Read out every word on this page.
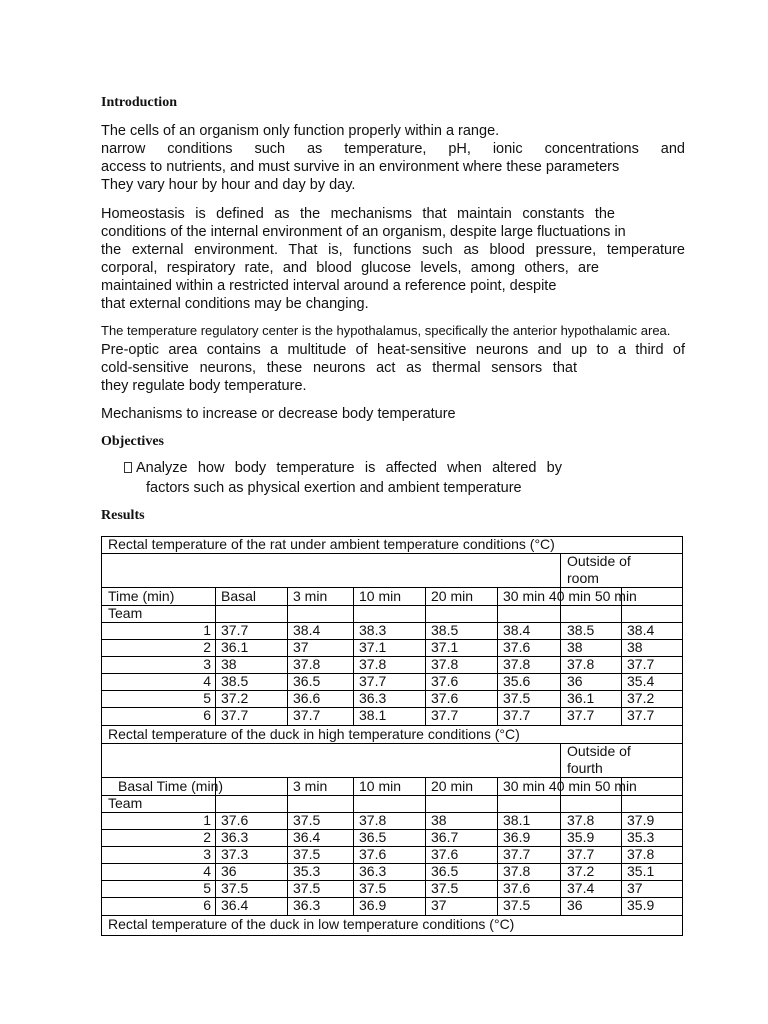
Introduction
The cells of an organism only function properly within a range.
narrow conditions such as temperature, pH, ionic concentrations and
access to nutrients, and must survive in an environment where these parameters
They vary hour by hour and day by day.
Homeostasis is defined as the mechanisms that maintain constants the
conditions of the internal environment of an organism, despite large fluctuations in
the external environment. That is, functions such as blood pressure, temperature
corporal, respiratory rate, and blood glucose levels, among others, are
maintained within a restricted interval around a reference point, despite
that external conditions may be changing.
The temperature regulatory center is the hypothalamus, specifically the anterior hypothalamic area.
Pre-optic area contains a multitude of heat-sensitive neurons and up to a third of
cold-sensitive neurons, these neurons act as thermal sensors that
they regulate body temperature.
Mechanisms to increase or decrease body temperature
Objectives
Analyze how body temperature is affected when altered by
factors such as physical exertion and ambient temperature
Results
Rectal temperature of the rat under ambient temperature conditions (°C)
Outside of
room
Time (min)	Basal	3 min 10 min 20 min 30 min 40 min 50 min
Team
1 37.7	38.4	38.3	38.5	38.4	38.5 38.4
2 36.1	37	37.1	37.1	37.6	38	38
3 38	37.8	37.8	37.8	37.8	37.8 37.7
4 38.5	36.5	37.7	37.6	35.6	36	35.4
5 37.2	36.6	36.3	37.6	37.5	36.1 37.2
6 37.7	37.7	38.1	37.7	37.7	37.7 37.7
Rectal temperature of the duck in high temperature conditions (°C)
Outside of
fourth
Basal Time (min)	3 min 10 min 20 min 30 min 40 min 50 min
Team
1 37.6	37.5	37.8	38	38.1	37.8 37.9
2 36.3	36.4	36.5	36.7	36.9	35.9 35.3
3 37.3	37.5	37.6	37.6	37.7	37.7 37.8
4 36	35.3	36.3	36.5	37.8	37.2 35.1
5 37.5	37.5	37.5	37.5	37.6	37.4 37
6 36.4	36.3	36.9	37	37.5	36	35.9
Rectal temperature of the duck in low temperature conditions (°C)
